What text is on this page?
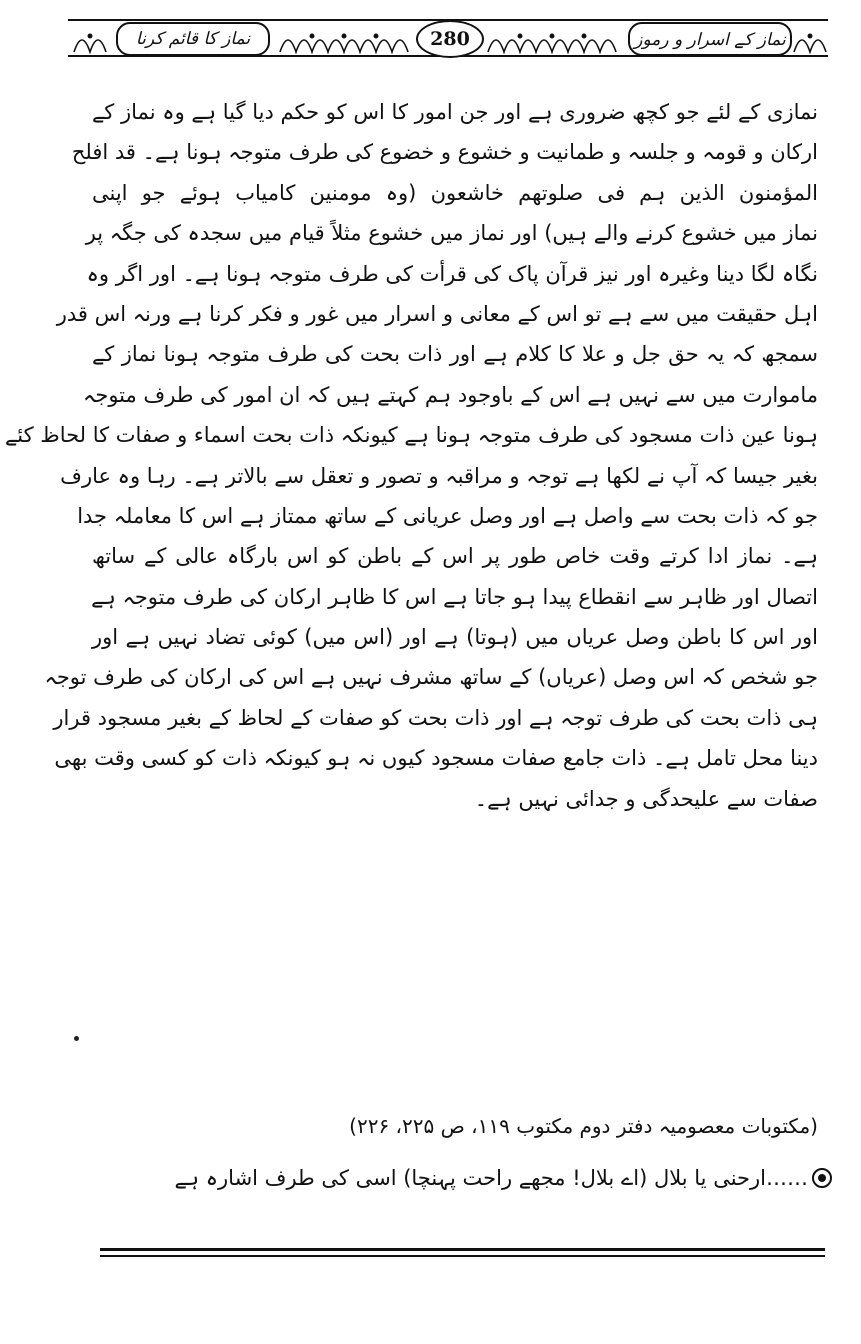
نماز کے اسرار و رموز
280
نماز کا قائم کرنا
نمازی کے لئے جو کچھ ضروری ہے اور جن امور کا اس کو حکم دیا گیا ہے وہ نماز کے
ارکان و قومہ و جلسہ و طمانیت و خشوع و خضوع کی طرف متوجہ ہونا ہے۔ قد افلح
المؤمنون الذین ہم فی صلوتھم خاشعون (وہ مومنین کامیاب ہوئے جو اپنی
نماز میں خشوع کرنے والے ہیں) اور نماز میں خشوع مثلاً قیام میں سجدہ کی جگہ پر
نگاہ لگا دینا وغیرہ اور نیز قرآن پاک کی قرأت کی طرف متوجہ ہونا ہے۔ اور اگر وہ
اہل حقیقت میں سے ہے تو اس کے معانی و اسرار میں غور و فکر کرنا ہے ورنہ اس قدر
سمجھ کہ یہ حق جل و علا کا کلام ہے اور ذات بحت کی طرف متوجہ ہونا نماز کے
ماموارت میں سے نہیں ہے اس کے باوجود ہم کہتے ہیں کہ ان امور کی طرف متوجہ
ہونا عین ذات مسجود کی طرف متوجہ ہونا ہے کیونکہ ذات بحت اسماء و صفات کا لحاظ کئے
بغیر جیسا کہ آپ نے لکھا ہے توجہ و مراقبہ و تصور و تعقل سے بالاتر ہے۔ رہا وہ عارف
جو کہ ذات بحت سے واصل ہے اور وصل عریانی کے ساتھ ممتاز ہے اس کا معاملہ جدا
ہے۔ نماز ادا کرتے وقت خاص طور پر اس کے باطن کو اس بارگاہ عالی کے ساتھ
اتصال اور ظاہر سے انقطاع پیدا ہو جاتا ہے اس کا ظاہر ارکان کی طرف متوجہ ہے
اور اس کا باطن وصل عریاں میں (ہوتا) ہے اور (اس میں) کوئی تضاد نہیں ہے اور
جو شخص کہ اس وصل (عریاں) کے ساتھ مشرف نہیں ہے اس کی ارکان کی طرف توجہ
ہی ذات بحت کی طرف توجہ ہے اور ذات بحت کو صفات کے لحاظ کے بغیر مسجود قرار
دینا محل تامل ہے۔ ذات جامع صفات مسجود کیوں نہ ہو کیونکہ ذات کو کسی وقت بھی
صفات سے علیحدگی و جدائی نہیں ہے۔
(مکتوبات معصومیہ دفتر دوم مکتوب ۱۱۹، ص ۲۲۵، ۲۲۶)
……ارحنی یا بلال (اے بلال! مجھے راحت پہنچا) اسی کی طرف اشارہ ہے
